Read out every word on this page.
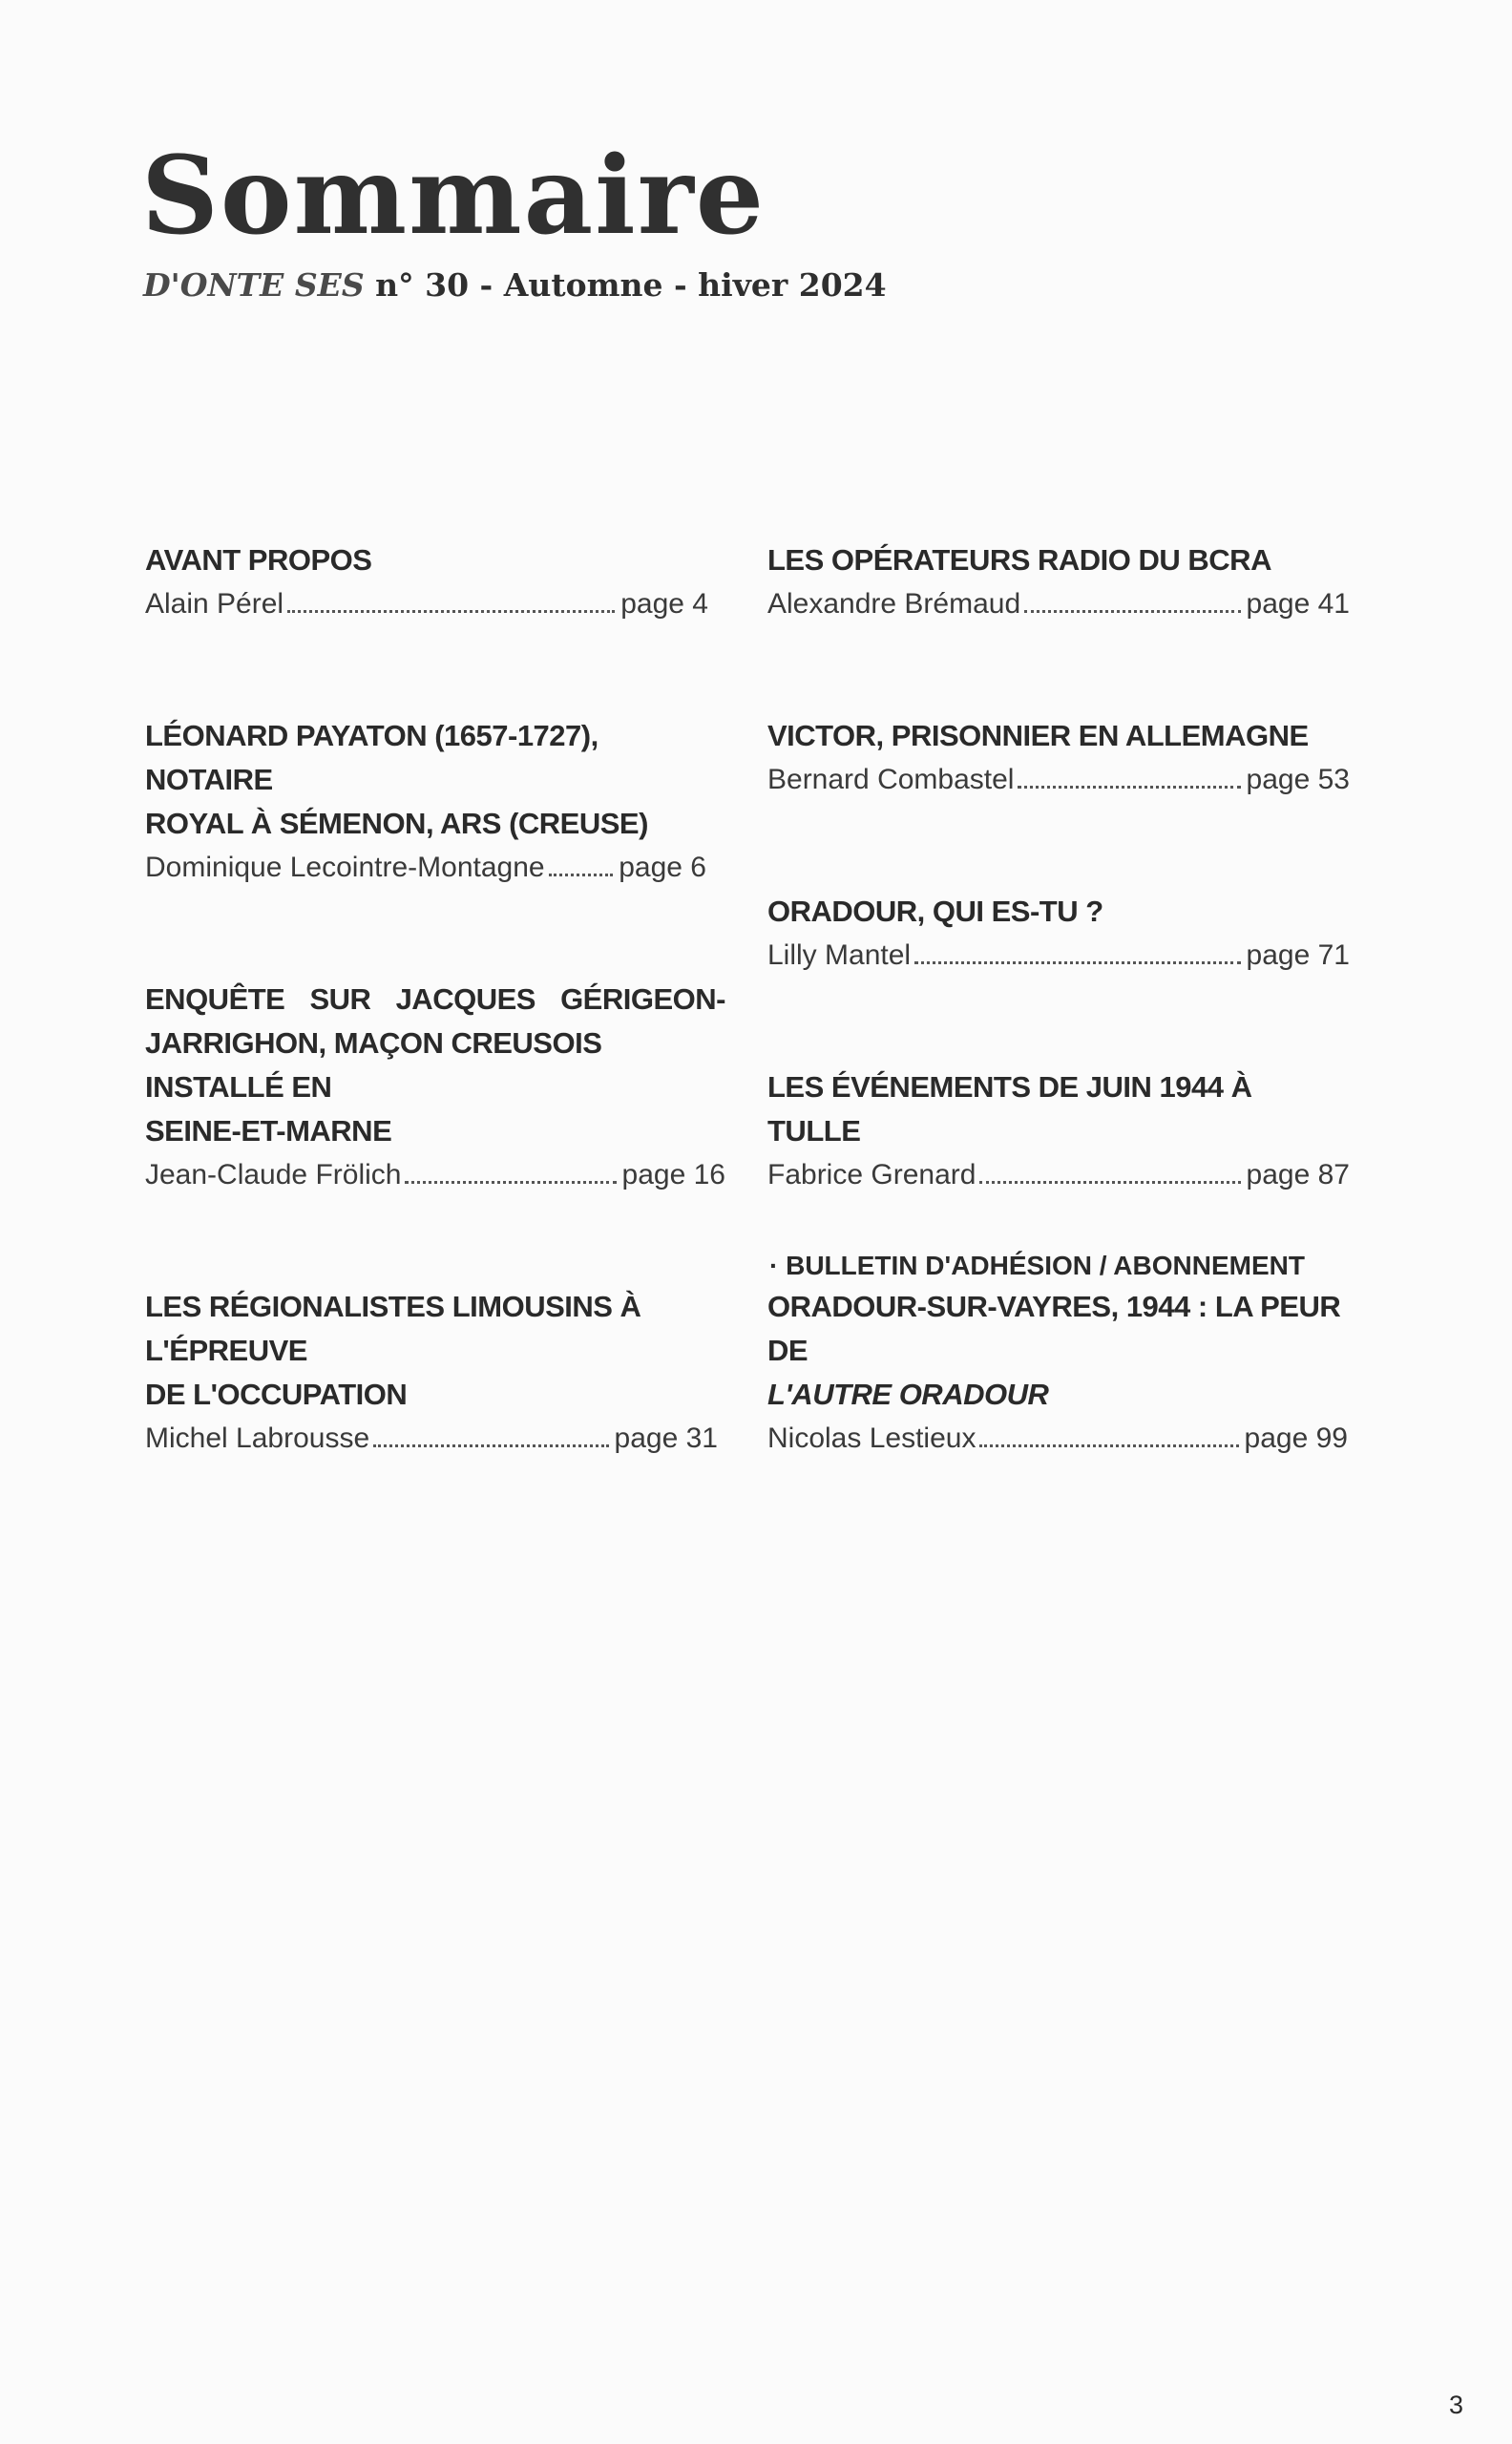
Sommaire
D'ONTE SES n° 30 - Automne - hiver 2024
AVANT PROPOS
Alain Pérel	page 4
LÉONARD PAYATON (1657-1727), NOTAIRE
ROYAL À SÉMENON, ARS (CREUSE)
Dominique Lecointre-Montagne	page 6
ENQUÊTE SUR JACQUES GÉRIGEON-
JARRIGHON, MAÇON CREUSOIS INSTALLÉ EN
SEINE-ET-MARNE
Jean-Claude Frölich	page 16
LES RÉGIONALISTES LIMOUSINS À L'ÉPREUVE
DE L'OCCUPATION
Michel Labrousse	page 31
LES OPÉRATEURS RADIO DU BCRA
Alexandre Brémaud	page 41
VICTOR, PRISONNIER EN ALLEMAGNE
Bernard Combastel	page 53
ORADOUR, QUI ES-TU ?
Lilly Mantel	page 71
LES ÉVÉNEMENTS DE JUIN 1944 À TULLE
Fabrice Grenard	page 87
ORADOUR-SUR-VAYRES, 1944 : LA PEUR DE
L'AUTRE ORADOUR
Nicolas Lestieux	page 99
· BULLETIN D'ADHÉSION / ABONNEMENT
3
